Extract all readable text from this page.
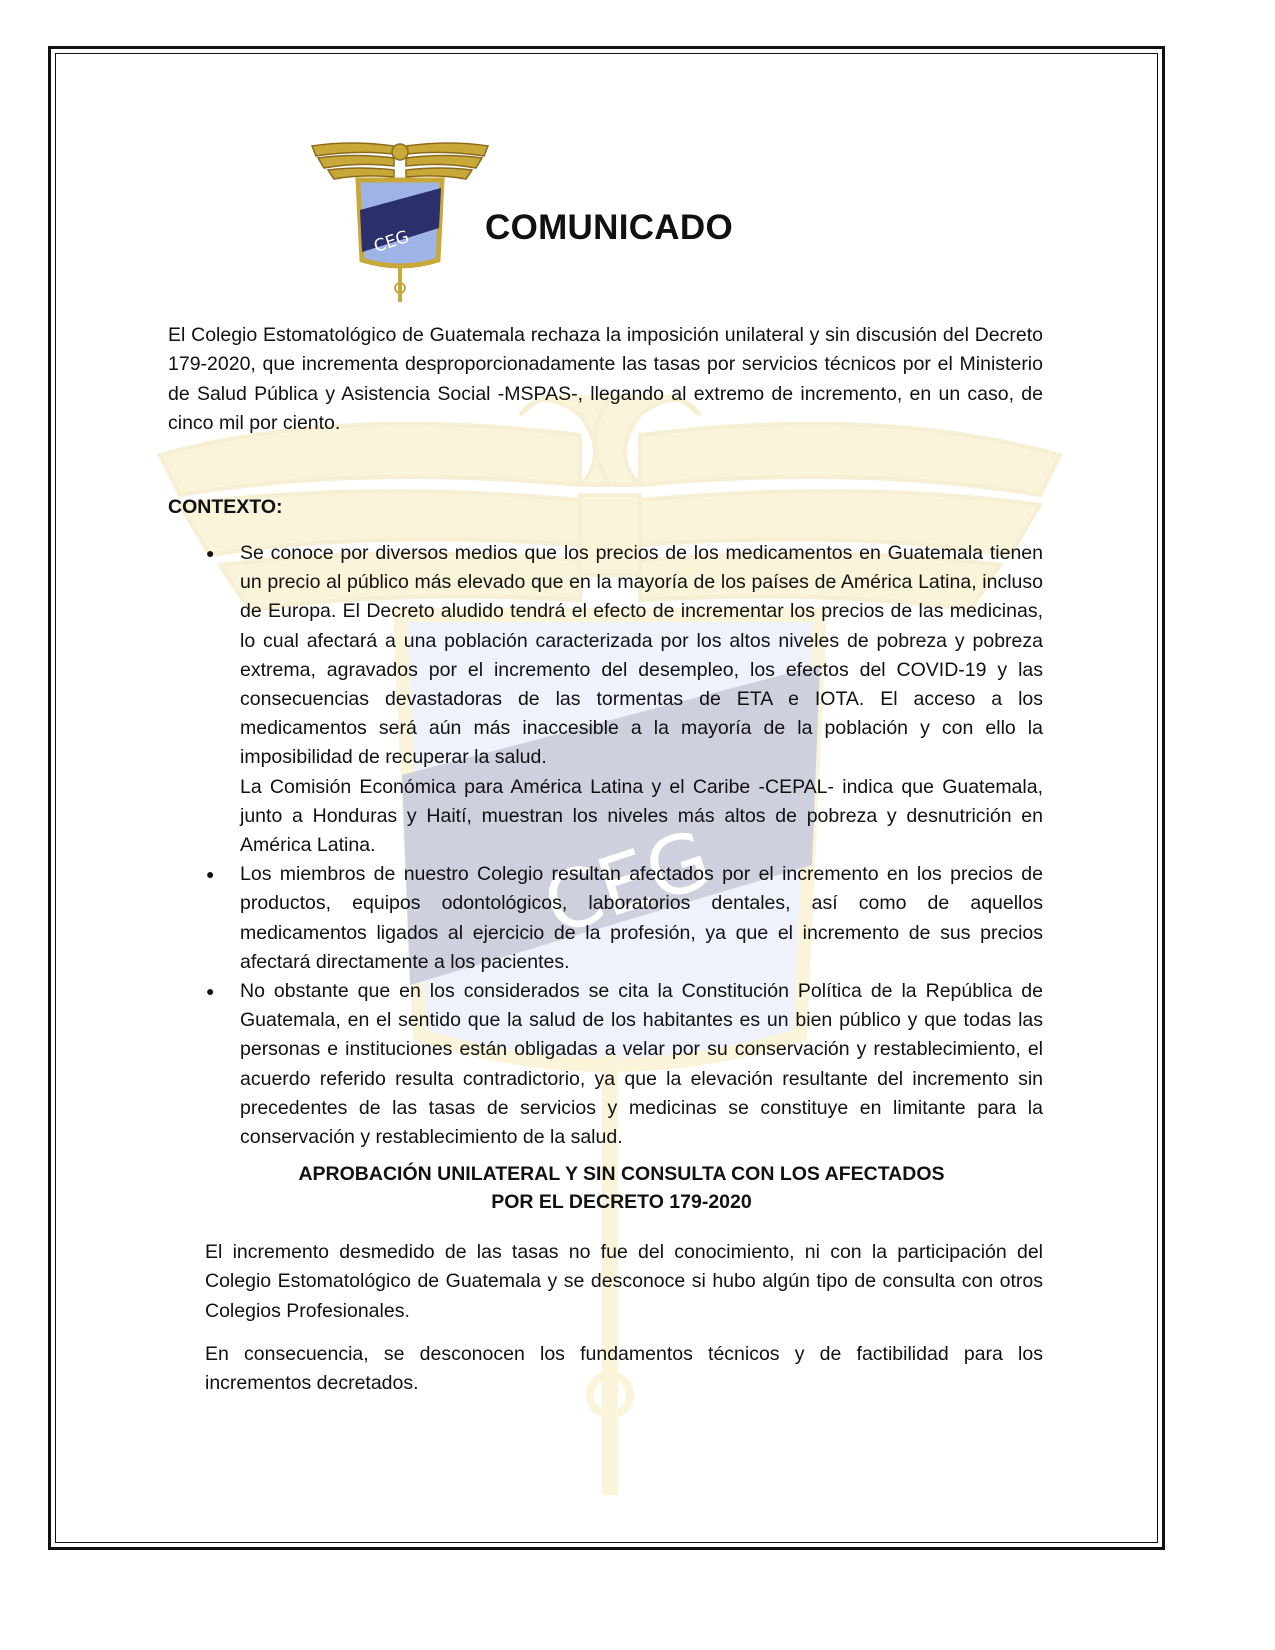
CEG
CEG COMUNICADO

El Colegio Estomatológico de Guatemala rechaza la imposición unilateral y sin discusión del Decreto 179-2020, que incrementa desproporcionadamente las tasas por servicios técnicos por el Ministerio de Salud Pública y Asistencia Social -MSPAS-, llegando al extremo de incremento, en un caso, de cinco mil por ciento.

CONTEXTO:
● Se conoce por diversos medios que los precios de los medicamentos en Guatemala tienen un precio al público más elevado que en la mayoría de los países de América Latina, incluso de Europa. El Decreto aludido tendrá el efecto de incrementar los precios de las medicinas, lo cual afectará a una población caracterizada por los altos niveles de pobreza y pobreza extrema, agravados por el incremento del desempleo, los efectos del COVID-19 y las consecuencias devastadoras de las tormentas de ETA e IOTA. El acceso a los medicamentos será aún más inaccesible a la mayoría de la población y con ello la imposibilidad de recuperar la salud.

La Comisión Económica para América Latina y el Caribe -CEPAL- indica que Guatemala, junto a Honduras y Haití, muestran los niveles más altos de pobreza y desnutrición en América Latina.

● Los miembros de nuestro Colegio resultan afectados por el incremento en los precios de productos, equipos odontológicos, laboratorios dentales, así como de aquellos medicamentos ligados al ejercicio de la profesión, ya que el incremento de sus precios afectará directamente a los pacientes.

● No obstante que en los considerados se cita la Constitución Política de la República de Guatemala, en el sentido que la salud de los habitantes es un bien público y que todas las personas e instituciones están obligadas a velar por su conservación y restablecimiento, el acuerdo referido resulta contradictorio, ya que la elevación resultante del incremento sin precedentes de las tasas de servicios y medicinas se constituye en limitante para la conservación y restablecimiento de la salud.

APROBACIÓN UNILATERAL Y SIN CONSULTA CON LOS AFECTADOS
POR EL DECRETO 179-2020

El incremento desmedido de las tasas no fue del conocimiento, ni con la participación del Colegio Estomatológico de Guatemala y se desconoce si hubo algún tipo de consulta con otros Colegios Profesionales.

En consecuencia, se desconocen los fundamentos técnicos y de factibilidad para los incrementos decretados.
